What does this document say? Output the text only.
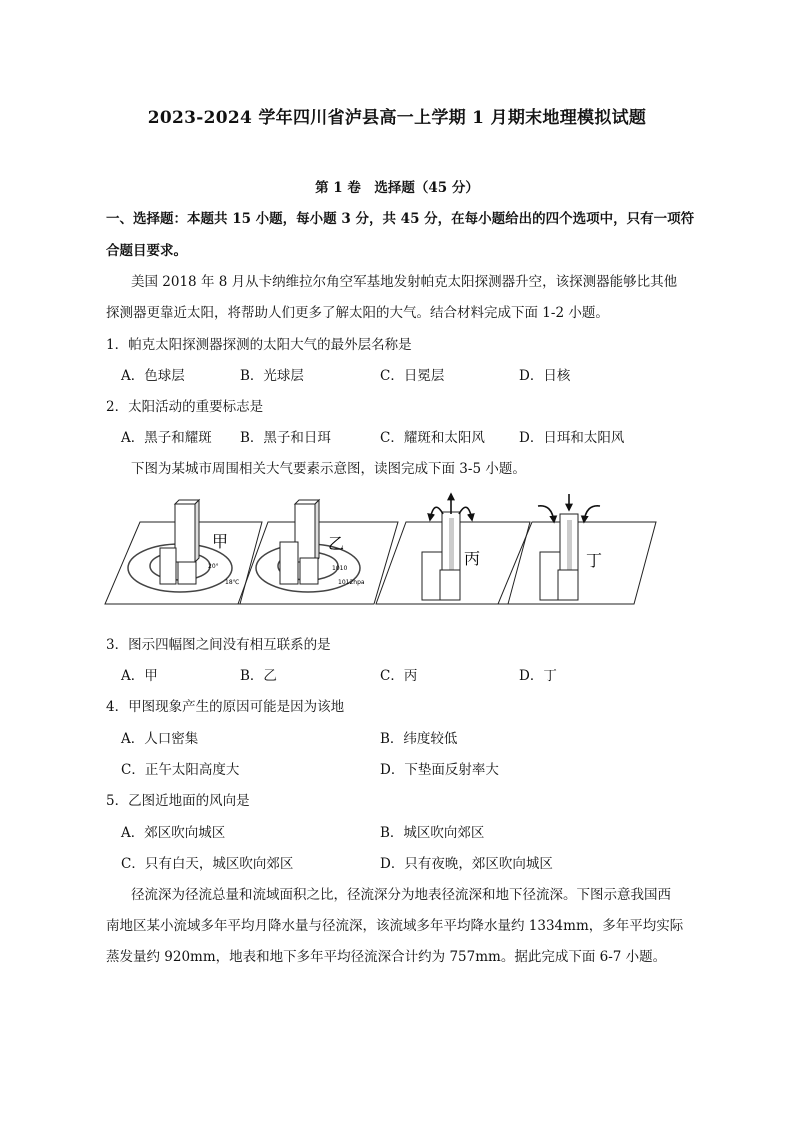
2023-2024 学年四川省泸县高一上学期 1 月期末地理模拟试题
第 1 卷　选择题（45 分）
一、选择题：本题共 15 小题，每小题 3 分，共 45 分，在每小题给出的四个选项中，只有一项符
合题目要求。
美国 2018 年 8 月从卡纳维拉尔角空军基地发射帕克太阳探测器升空，该探测器能够比其他
探测器更靠近太阳，将帮助人们更多了解太阳的大气。结合材料完成下面 1-2 小题。
1．帕克太阳探测器探测的太阳大气的最外层名称是
A．色球层	B．光球层	C．日冕层	D．日核
2．太阳活动的重要标志是
A．黑子和耀斑 B．黑子和日珥	C．耀斑和太阳风	D．日珥和太阳风
下图为某城市周围相关大气要素示意图，读图完成下面 3-5 小题。
甲
20°
18℃
乙
1010
1012hpa
丙	丁
3．图示四幅图之间没有相互联系的是
A．甲	B．乙	C．丙	D．丁
4．甲图现象产生的原因可能是因为该地
A．人口密集	B．纬度较低
C．正午太阳高度大	D．下垫面反射率大
5．乙图近地面的风向是
A．郊区吹向城区	B．城区吹向郊区
C．只有白天，城区吹向郊区	D．只有夜晚，郊区吹向城区
径流深为径流总量和流域面积之比，径流深分为地表径流深和地下径流深。下图示意我国西
南地区某小流域多年平均月降水量与径流深，该流域多年平均降水量约 1334mm，多年平均实际
蒸发量约 920mm，地表和地下多年平均径流深合计约为 757mm。据此完成下面 6-7 小题。
